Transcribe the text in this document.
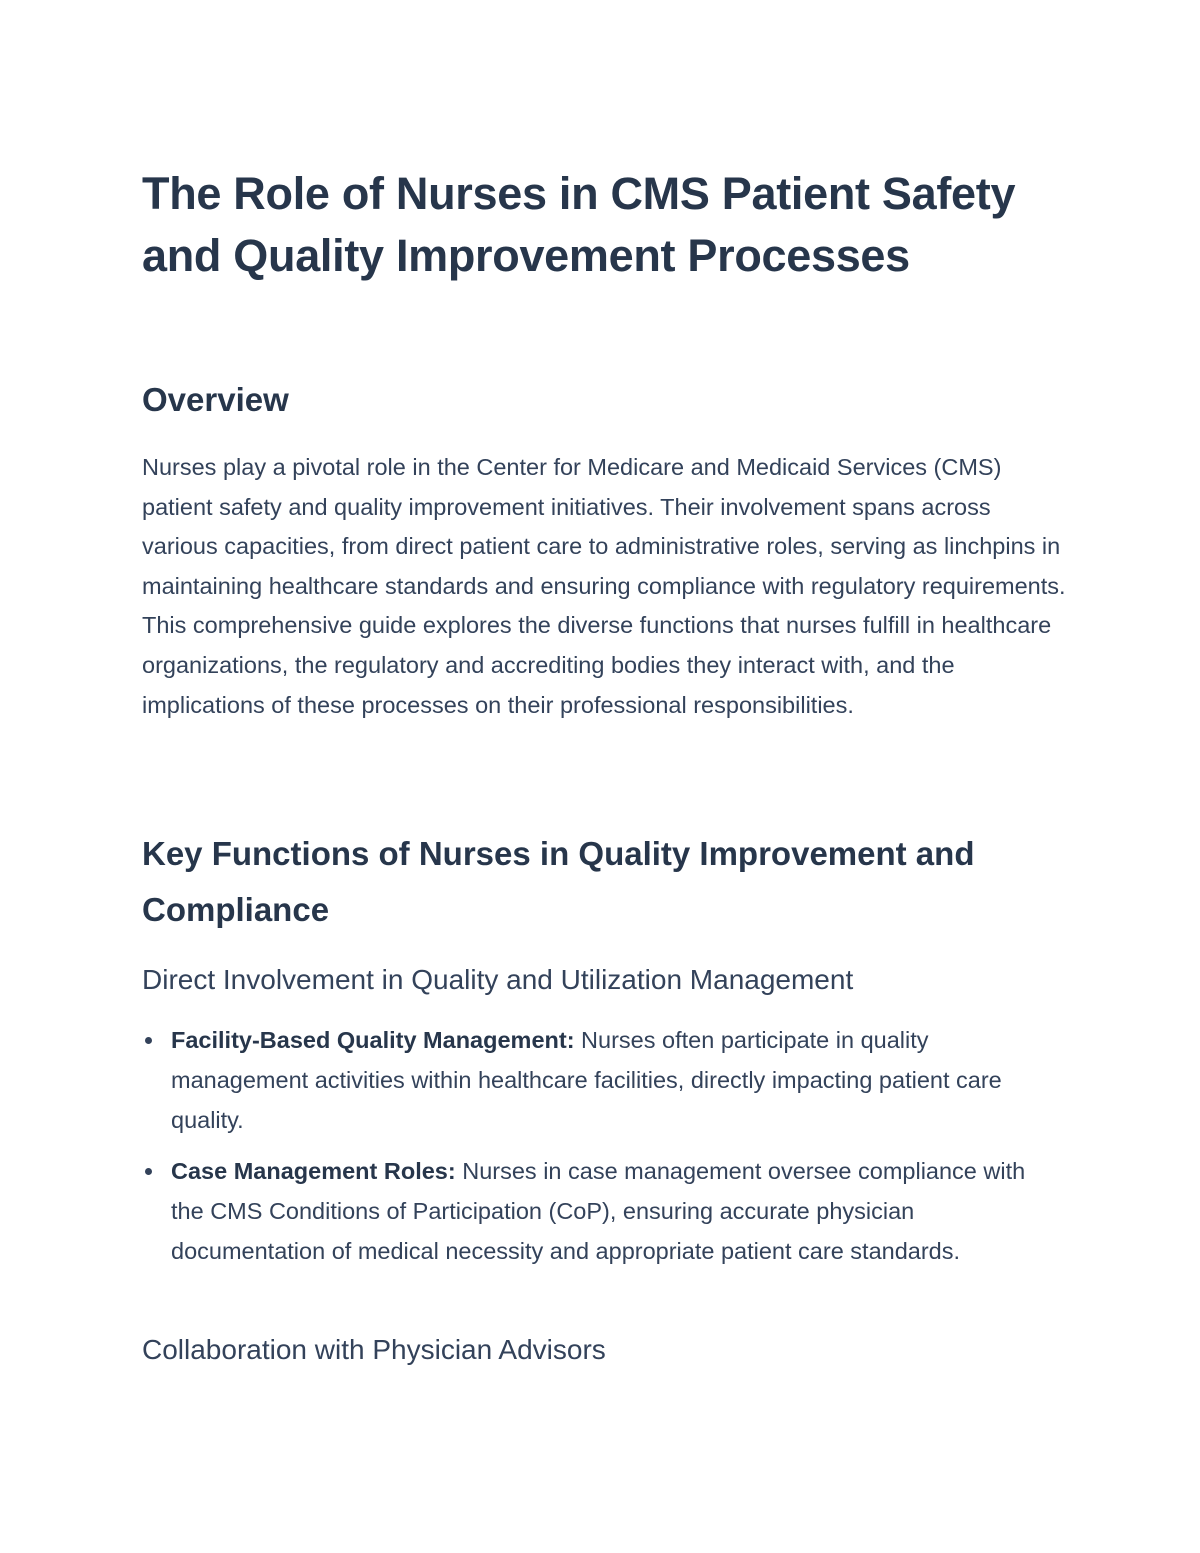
The Role of Nurses in CMS Patient Safety and Quality Improvement Processes
Overview

Nurses play a pivotal role in the Center for Medicare and Medicaid Services (CMS) patient safety and quality improvement initiatives. Their involvement spans across various capacities, from direct patient care to administrative roles, serving as linchpins in maintaining healthcare standards and ensuring compliance with regulatory requirements. This comprehensive guide explores the diverse functions that nurses fulfill in healthcare organizations, the regulatory and accrediting bodies they interact with, and the implications of these processes on their professional responsibilities.

Key Functions of Nurses in Quality Improvement and Compliance
Direct Involvement in Quality and Utilization Management
Facility-Based Quality Management: Nurses often participate in quality management activities within healthcare facilities, directly impacting patient care quality.
Case Management Roles: Nurses in case management oversee compliance with the CMS Conditions of Participation (CoP), ensuring accurate physician documentation of medical necessity and appropriate patient care standards.
Collaboration with Physician Advisors
